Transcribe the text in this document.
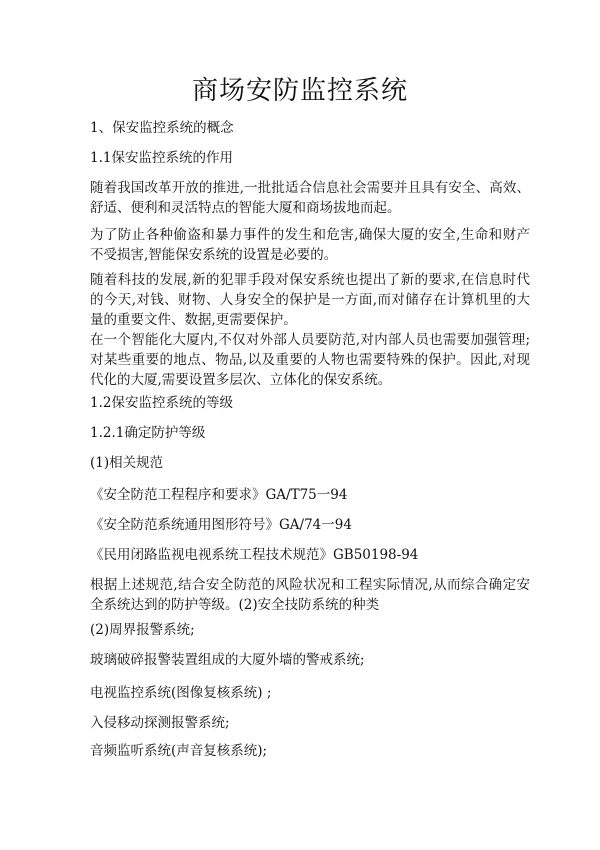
商场安防监控系统
1、保安监控系统的概念
1.1保安监控系统的作用
随着我国改革开放的推进,一批批适合信息社会需要并且具有安全、高效、舒适、便利和灵活特点的智能大厦和商场拔地而起。
为了防止各种偷盗和暴力事件的发生和危害,确保大厦的安全,生命和财产不受损害,智能保安系统的设置是必要的。
随着科技的发展,新的犯罪手段对保安系统也提出了新的要求,在信息时代的今天,对钱、财物、人身安全的保护是一方面,而对储存在计算机里的大量的重要文件、数据,更需要保护。
在一个智能化大厦内,不仅对外部人员要防范,对内部人员也需要加强管理;对某些重要的地点、物品,以及重要的人物也需要特殊的保护。因此,对现代化的大厦,需要设置多层次、立体化的保安系统。
1.2保安监控系统的等级
1.2.1确定防护等级
(1)相关规范
《安全防范工程程序和要求》GA/T75一94
《安全防范系统通用图形符号》GA/74一94
《民用闭路监视电视系统工程技术规范》GB50198-94
根据上述规范,结合安全防范的风险状况和工程实际情况,从而综合确定安全系统达到的防护等级。(2)安全技防系统的种类
(2)周界报警系统;
玻璃破碎报警装置组成的大厦外墙的警戒系统;
电视监控系统(图像复核系统) ;
入侵移动探测报警系统;
音频监听系统(声音复核系统);
